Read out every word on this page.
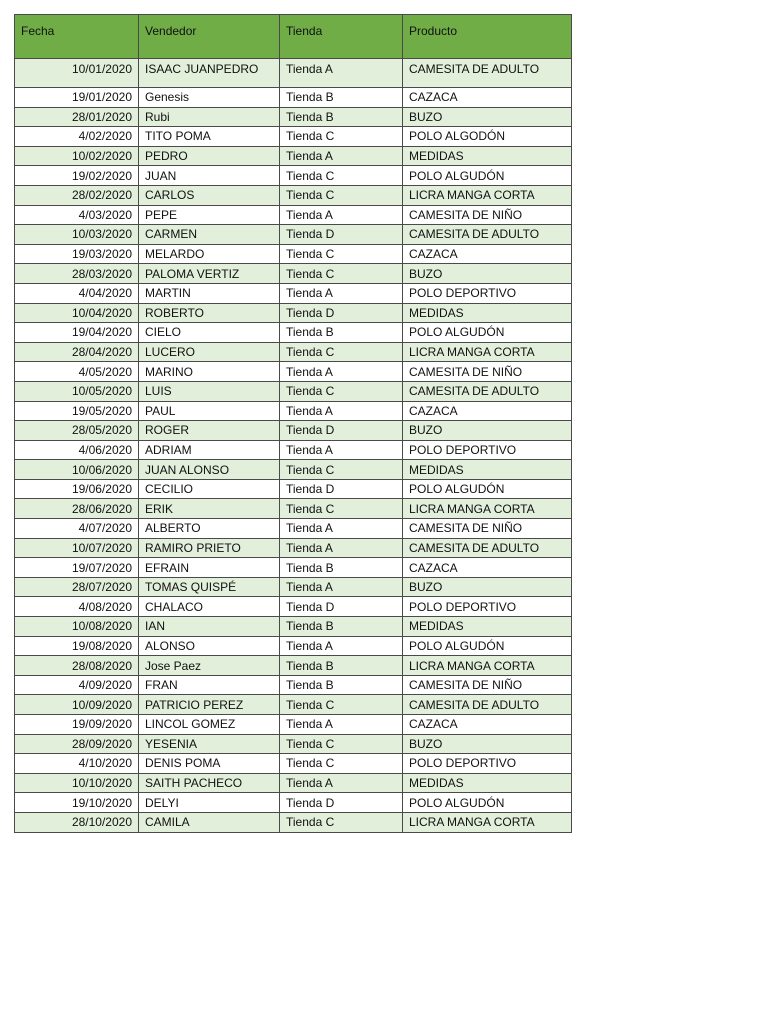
Fecha	Vendedor	Tienda	Producto
10/01/2020	ISAAC JUANPEDRO	Tienda A	CAMESITA DE ADULTO
19/01/2020	Genesis	Tienda B	CAZACA
28/01/2020	Rubi	Tienda B	BUZO
4/02/2020	TITO POMA	Tienda C	POLO ALGODÓN
10/02/2020	PEDRO	Tienda A	MEDIDAS
19/02/2020	JUAN	Tienda C	POLO ALGUDÓN
28/02/2020	CARLOS	Tienda C	LICRA MANGA CORTA
4/03/2020	PEPE	Tienda A	CAMESITA DE NIÑO
10/03/2020	CARMEN	Tienda D	CAMESITA DE ADULTO
19/03/2020	MELARDO	Tienda C	CAZACA
28/03/2020	PALOMA VERTIZ	Tienda C	BUZO
4/04/2020	MARTIN	Tienda A	POLO DEPORTIVO
10/04/2020	ROBERTO	Tienda D	MEDIDAS
19/04/2020	CIELO	Tienda B	POLO ALGUDÓN
28/04/2020	LUCERO	Tienda C	LICRA MANGA CORTA
4/05/2020	MARINO	Tienda A	CAMESITA DE NIÑO
10/05/2020	LUIS	Tienda C	CAMESITA DE ADULTO
19/05/2020	PAUL	Tienda A	CAZACA
28/05/2020	ROGER	Tienda D	BUZO
4/06/2020	ADRIAM	Tienda A	POLO DEPORTIVO
10/06/2020	JUAN ALONSO	Tienda C	MEDIDAS
19/06/2020	CECILIO	Tienda D	POLO ALGUDÓN
28/06/2020	ERIK	Tienda C	LICRA MANGA CORTA
4/07/2020	ALBERTO	Tienda A	CAMESITA DE NIÑO
10/07/2020	RAMIRO PRIETO	Tienda A	CAMESITA DE ADULTO
19/07/2020	EFRAIN	Tienda B	CAZACA
28/07/2020	TOMAS QUISPÉ	Tienda A	BUZO
4/08/2020	CHALACO	Tienda D	POLO DEPORTIVO
10/08/2020	IAN	Tienda B	MEDIDAS
19/08/2020	ALONSO	Tienda A	POLO ALGUDÓN
28/08/2020	Jose Paez	Tienda B	LICRA MANGA CORTA
4/09/2020	FRAN	Tienda B	CAMESITA DE NIÑO
10/09/2020	PATRICIO PEREZ	Tienda C	CAMESITA DE ADULTO
19/09/2020	LINCOL GOMEZ	Tienda A	CAZACA
28/09/2020	YESENIA	Tienda C	BUZO
4/10/2020	DENIS POMA	Tienda C	POLO DEPORTIVO
10/10/2020	SAITH PACHECO	Tienda A	MEDIDAS
19/10/2020	DELYI	Tienda D	POLO ALGUDÓN
28/10/2020	CAMILA	Tienda C	LICRA MANGA CORTA
